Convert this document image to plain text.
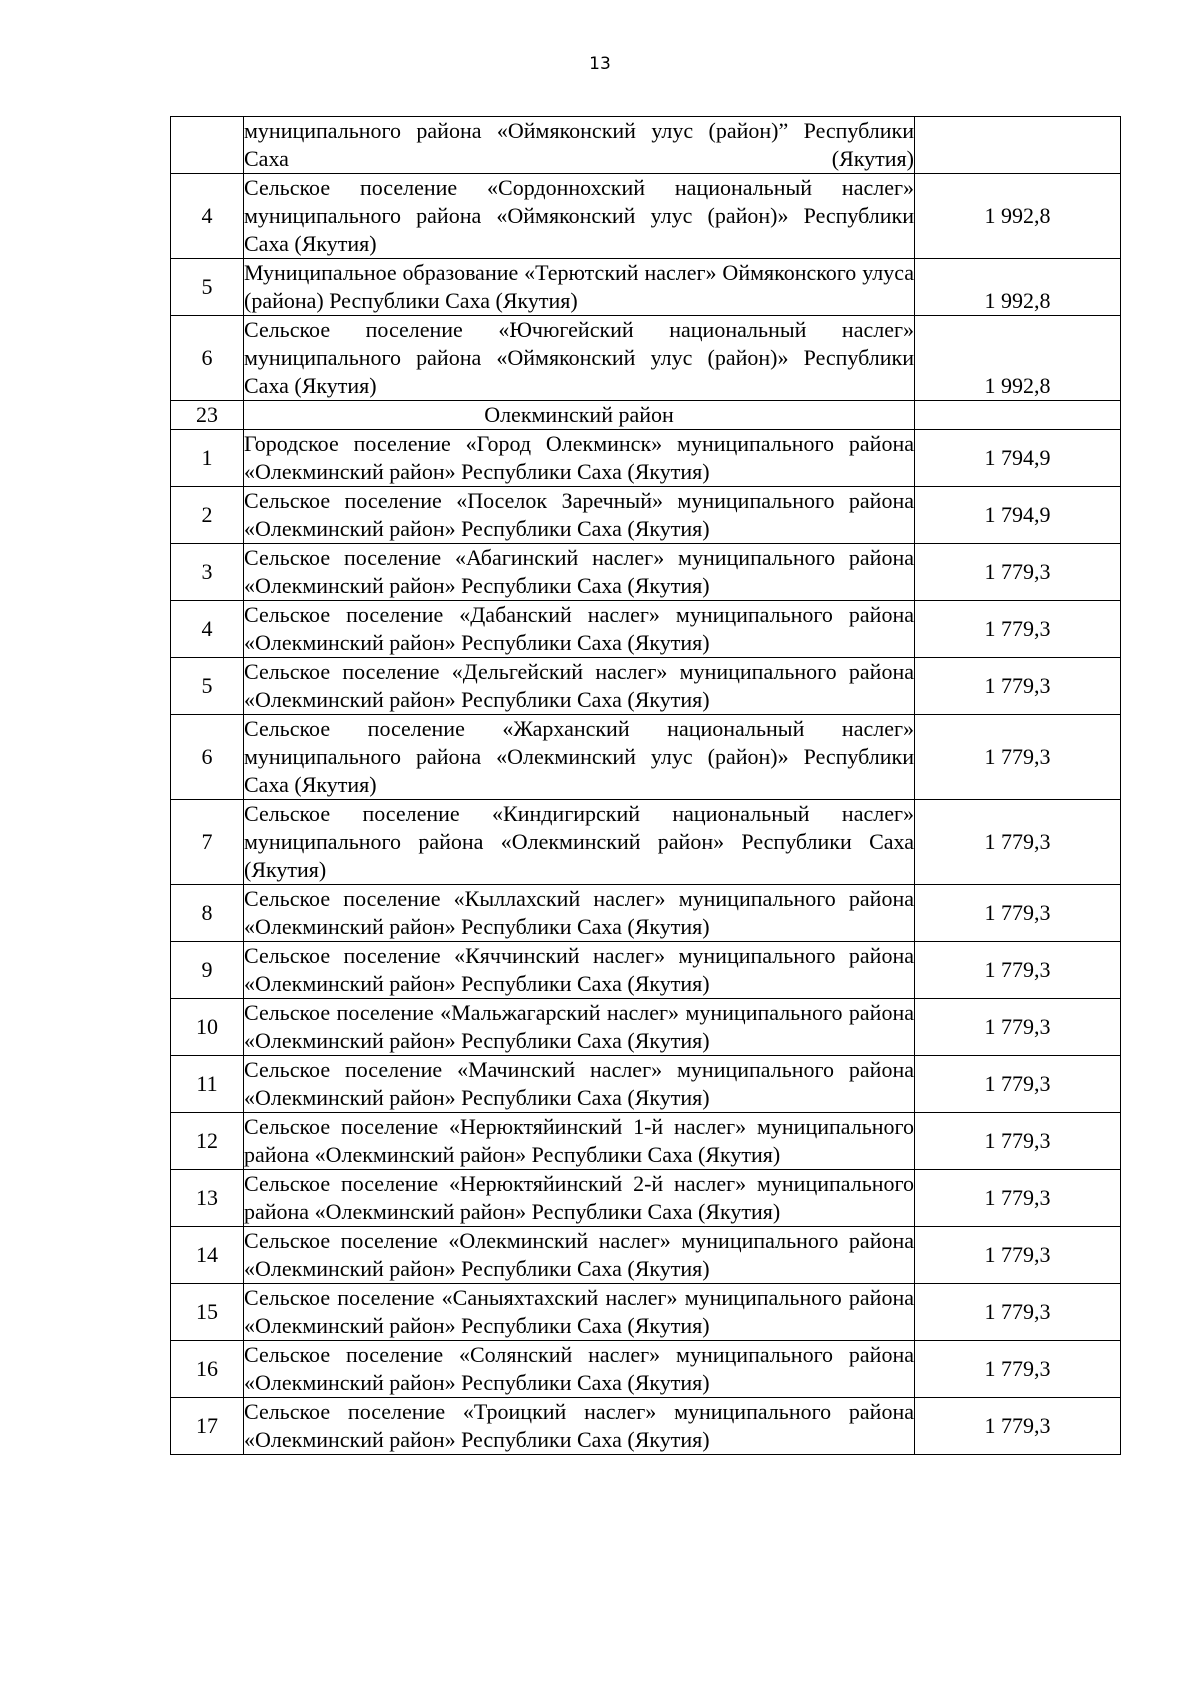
13
	муниципального района «Оймяконский улус (район)” Республики Саха (Якутия)	
4	Сельское поселение «Сордоннохский национальный наслег» муниципального района «Оймяконский улус (район)» Республики Саха (Якутия)	1 992,8
5	Муниципальное образование «Терютский наслег» Оймяконского улуса (района) Республики Саха (Якутия)	1 992,8
6	Сельское поселение «Ючюгейский национальный наслег» муниципального района «Оймяконский улус (район)» Республики Саха (Якутия)	1 992,8
23	Олекминский район	
1	Городское поселение «Город Олекминск» муниципального района «Олекминский район» Республики Саха (Якутия)	1 794,9
2	Сельское поселение «Поселок Заречный» муниципального района «Олекминский район» Республики Саха (Якутия)	1 794,9
3	Сельское поселение «Абагинский наслег» муниципального района «Олекминский район» Республики Саха (Якутия)	1 779,3
4	Сельское поселение «Дабанский наслег» муниципального района «Олекминский район» Республики Саха (Якутия)	1 779,3
5	Сельское поселение «Дельгейский наслег» муниципального района «Олекминский район» Республики Саха (Якутия)	1 779,3
6	Сельское поселение «Жарханский национальный наслег» муниципального района «Олекминский улус (район)» Республики Саха (Якутия)	1 779,3
7	Сельское поселение «Киндигирский национальный наслег» муниципального района «Олекминский район» Республики Саха (Якутия)	1 779,3
8	Сельское поселение «Кыллахский наслег» муниципального района «Олекминский район» Республики Саха (Якутия)	1 779,3
9	Сельское поселение «Кяччинский наслег» муниципального района «Олекминский район» Республики Саха (Якутия)	1 779,3
10	Сельское поселение «Мальжагарский наслег» муниципального района «Олекминский район» Республики Саха (Якутия)	1 779,3
11	Сельское поселение «Мачинский наслег» муниципального района «Олекминский район» Республики Саха (Якутия)	1 779,3
12	Сельское поселение «Нерюктяйинский 1-й наслег» муниципального района «Олекминский район» Республики Саха (Якутия)	1 779,3
13	Сельское поселение «Нерюктяйинский 2-й наслег» муниципального района «Олекминский район» Республики Саха (Якутия)	1 779,3
14	Сельское поселение «Олекминский наслег» муниципального района «Олекминский район» Республики Саха (Якутия)	1 779,3
15	Сельское поселение «Саныяхтахский наслег» муниципального района «Олекминский район» Республики Саха (Якутия)	1 779,3
16	Сельское поселение «Солянский наслег» муниципального района «Олекминский район» Республики Саха (Якутия)	1 779,3
17	Сельское поселение «Троицкий наслег» муниципального района «Олекминский район» Республики Саха (Якутия)	1 779,3
